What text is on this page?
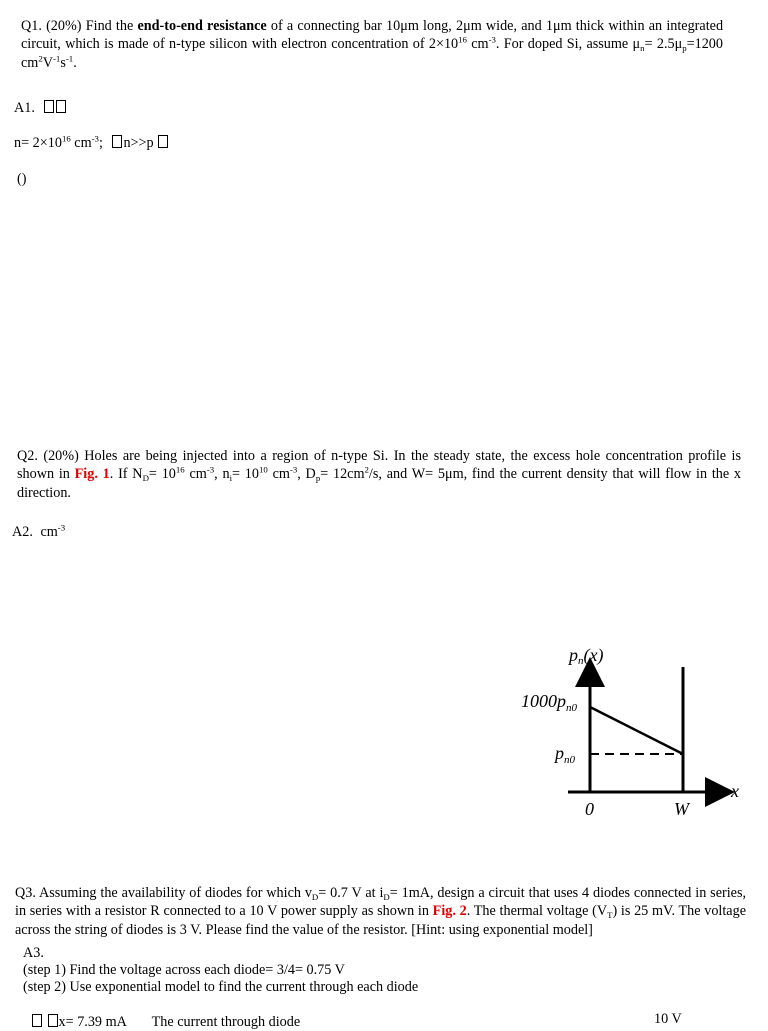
Q1. (20%) Find the end-to-end resistance of a connecting bar 10μm long, 2μm wide, and 1μm thick within an integrated circuit, which is made of n-type silicon with electron concentration of $2\times 10^{16}$ $cm^{-3}$. For doped Si, assume $\mu_n= 2.5\mu_p=1200$ $cm^2V^{-1}s^{-1}$.
A1.
$n= 2\times 10^{16}$ $cm^{-3}$; n>>p
()
Q2. (20%) Holes are being injected into a region of n-type Si. In the steady state, the excess hole concentration profile is shown in Fig. 1. If $N_D= 10^{16}$ $cm^{-3}$, $n_i= 10^{10}$ $cm^{-3}$, $D_p= 12cm^2/s$, and W= 5μm, find the current density that will flow in the x direction.
A2. $cm^{-3}$
pn(x)
$1000p_{n0}$
$p_{n0}$
x
0	W
Q3. Assuming the availability of diodes for which $v_D= 0.7$ V at $i_D= 1mA$, design a circuit that uses 4 diodes connected in series, in series with a resistor R connected to a 10 V power supply as shown in Fig. 2. The thermal voltage $(V_T)$ is 25 mV. The voltage across the string of diodes is 3 V. Please find the value of the resistor. [Hint: using exponential model]
A3.
(step 1) Find the voltage across each diode= 3/4= 0.75 V
(step 2) Use exponential model to find the current through each diode
x= 7.39 mA The current through diode	10 V
